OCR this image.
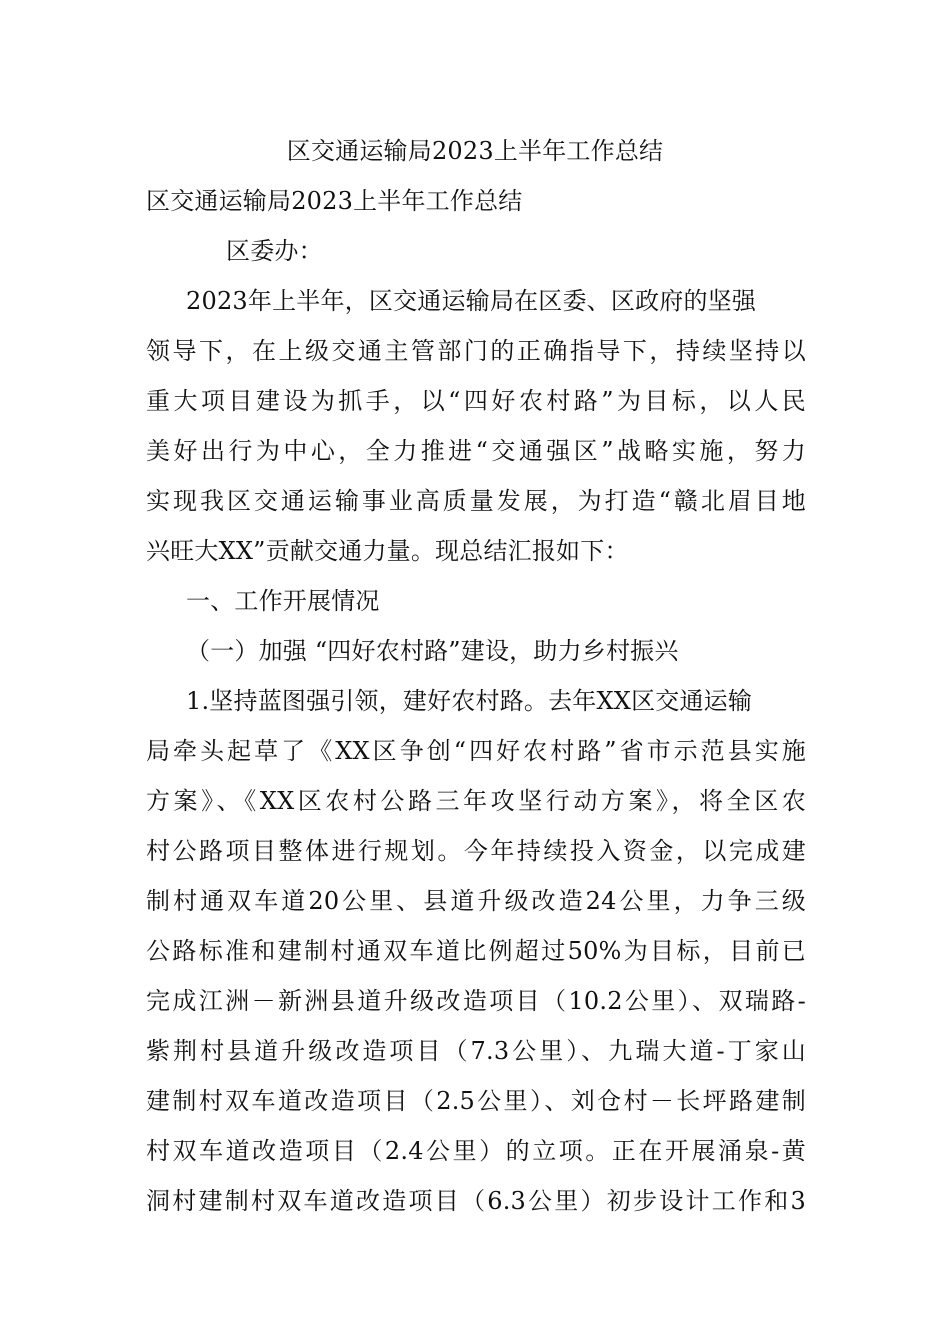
区交通运输局2023上半年工作总结
区交通运输局2023上半年工作总结
区委办：
2023年上半年，区交通运输局在区委、区政府的坚强
领导下，在上级交通主管部门的正确指导下，持续坚持以
重大项目建设为抓手，以“四好农村路”为目标，以人民
美好出行为中心，全力推进“交通强区”战略实施，努力
实现我区交通运输事业高质量发展，为打造“赣北眉目地
兴旺大XX”贡献交通力量。现总结汇报如下：
一、工作开展情况
（一）加强 “四好农村路”建设，助力乡村振兴
1.坚持蓝图强引领，建好农村路。去年XX区交通运输
局牵头起草了《XX区争创“四好农村路”省市示范县实施
方案》、《XX区农村公路三年攻坚行动方案》，将全区农
村公路项目整体进行规划。今年持续投入资金，以完成建
制村通双车道20公里、县道升级改造24公里，力争三级
公路标准和建制村通双车道比例超过50%为目标，目前已
完成江洲－新洲县道升级改造项目（10.2公里）、双瑞路-
紫荆村县道升级改造项目（7.3公里）、九瑞大道-丁家山
建制村双车道改造项目（2.5公里）、刘仓村－长坪路建制
村双车道改造项目（2.4公里）的立项。正在开展涌泉-黄
洞村建制村双车道改造项目（6.3公里）初步设计工作和3
